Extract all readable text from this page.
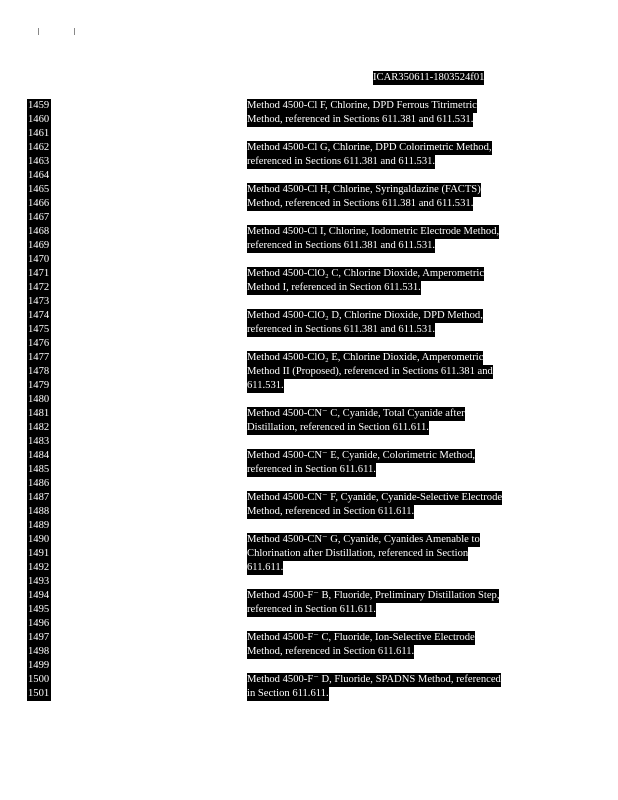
ICAR350611-1803524f01
1459
1460
1461
1462
1463
1464
1465
1466
1467
1468
1469
1470
1471
1472
1473
1474
1475
1476
1477
1478
1479
1480
1481
1482
1483
1484
1485
1486
1487
1488
1489
1490
1491
1492
1493
1494
1495
1496
1497
1498
1499
1500
1501
Method 4500-Cl F, Chlorine, DPD Ferrous Titrimetric
Method, referenced in Sections 611.381 and 611.531.
Method 4500-Cl G, Chlorine, DPD Colorimetric Method,
referenced in Sections 611.381 and 611.531.
Method 4500-Cl H, Chlorine, Syringaldazine (FACTS)
Method, referenced in Sections 611.381 and 611.531.
Method 4500-Cl I, Chlorine, Iodometric Electrode Method,
referenced in Sections 611.381 and 611.531.
Method 4500-ClO₂ C, Chlorine Dioxide, Amperometric
Method I, referenced in Section 611.531.
Method 4500-ClO₂ D, Chlorine Dioxide, DPD Method,
referenced in Sections 611.381 and 611.531.
Method 4500-ClO₂ E, Chlorine Dioxide, Amperometric
Method II (Proposed), referenced in Sections 611.381 and
611.531.
Method 4500-CN⁻ C, Cyanide, Total Cyanide after
Distillation, referenced in Section 611.611.
Method 4500-CN⁻ E, Cyanide, Colorimetric Method,
referenced in Section 611.611.
Method 4500-CN⁻ F, Cyanide, Cyanide-Selective Electrode
Method, referenced in Section 611.611.
Method 4500-CN⁻ G, Cyanide, Cyanides Amenable to
Chlorination after Distillation, referenced in Section
611.611.
Method 4500-F⁻ B, Fluoride, Preliminary Distillation Step,
referenced in Section 611.611.
Method 4500-F⁻ C, Fluoride, Ion-Selective Electrode
Method, referenced in Section 611.611.
Method 4500-F⁻ D, Fluoride, SPADNS Method, referenced
in Section 611.611.
